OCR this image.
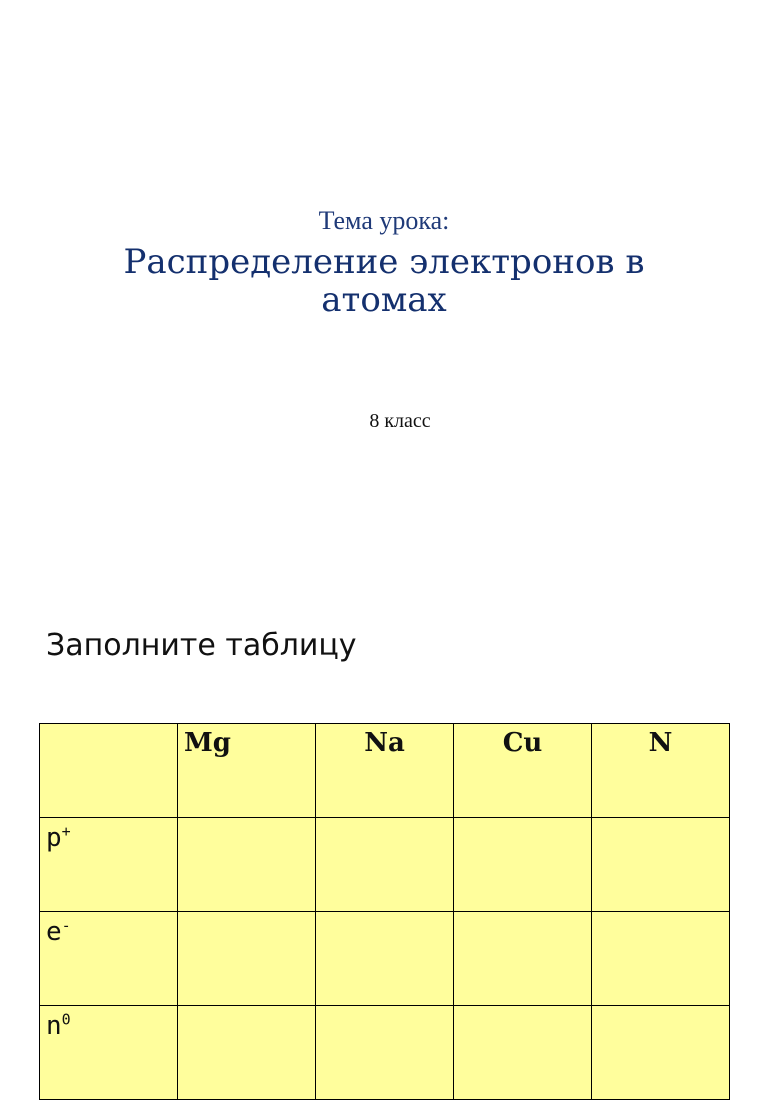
Тема урока:
Распределение электронов в атомах
8 класс
Заполните таблицу
	Mg	Na	Cu	N
p+				
e-				
$n^0$				
